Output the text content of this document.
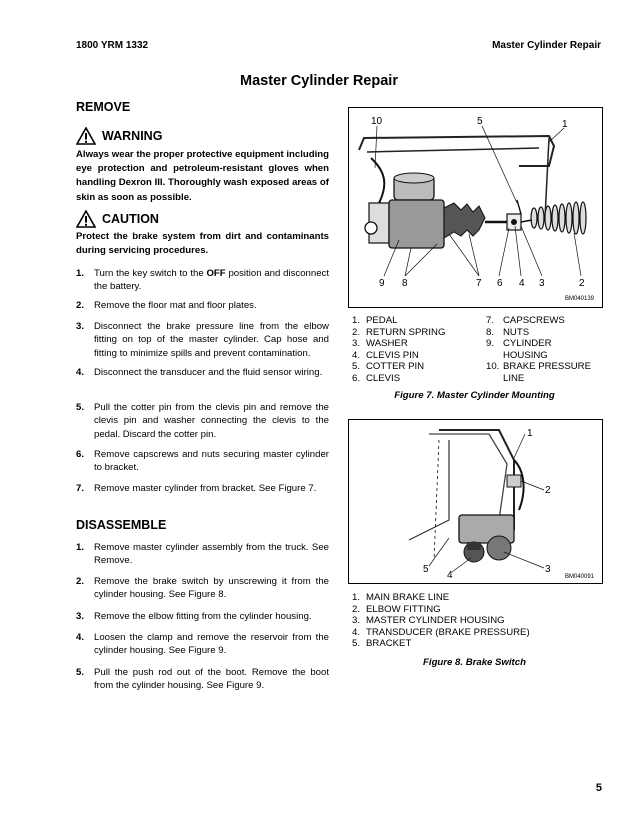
1800 YRM 1332	Master Cylinder Repair
Master Cylinder Repair
REMOVE
WARNING
Always wear the proper protective equipment including eye protection and petroleum-resistant gloves when handling Dexron III. Thoroughly wash exposed areas of skin as soon as possible.
CAUTION
Protect the brake system from dirt and contaminants during servicing procedures.
1. Turn the key switch to the OFF position and disconnect the battery.
2. Remove the floor mat and floor plates.
3. Disconnect the brake pressure line from the elbow fitting on top of the master cylinder. Cap hose and fitting to minimize spills and prevent contamination.
4. Disconnect the transducer and the fluid sensor wiring.
5. Pull the cotter pin from the clevis pin and remove the clevis pin and washer connecting the clevis to the pedal. Discard the cotter pin.
6. Remove capscrews and nuts securing master cylinder to bracket.
7. Remove master cylinder from bracket. See Figure 7.
DISASSEMBLE
1. Remove master cylinder assembly from the truck. See Remove.
2. Remove the brake switch by unscrewing it from the cylinder housing. See Figure 8.
3. Remove the elbow fitting from the cylinder housing.
4. Loosen the clamp and remove the reservoir from the cylinder housing. See Figure 9.
5. Pull the push rod out of the boot. Remove the boot from the cylinder housing. See Figure 9.
10	5	1
9 8	7 6 4 3	2
BM040139
1. PEDAL
2. RETURN SPRING
3. WASHER
4. CLEVIS PIN
5. COTTER PIN
6. CLEVIS
7. CAPSCREWS
8. NUTS
9. CYLINDER HOUSING
10. BRAKE PRESSURE LINE
Figure 7. Master Cylinder Mounting
1
2
3
4
5
BM040091
1. MAIN BRAKE LINE
2. ELBOW FITTING
3. MASTER CYLINDER HOUSING
4. TRANSDUCER (BRAKE PRESSURE)
5. BRACKET
Figure 8. Brake Switch
5
